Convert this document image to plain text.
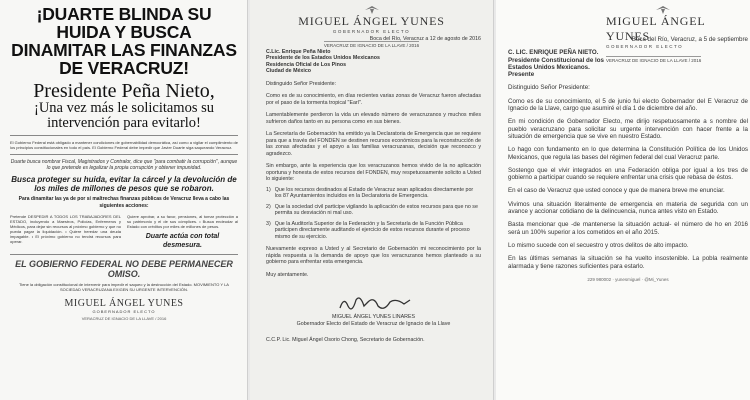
¡DUARTE BLINDA SU HUIDA Y BUSCA DINAMITAR LAS FINANZAS DE VERACRUZ!
Presidente Peña Nieto,
¡Una vez más le solicitamos su intervención para evitarlo!
El Gobierno Federal está obligado a mantener condiciones de gobernabilidad democrática, así como a vigilar el cumplimiento de los principios constitucionales en todo el país. El Gobierno Federal debe impedir que Javier Duarte siga saqueando Veracruz.
Duarte busca nombrar Fiscal, Magistrados y Contralor, dice que "para combatir la corrupción", aunque lo que pretende es legalizar la propia corrupción y obtener impunidad.
Busca proteger su huida, evitar la cárcel y la devolución de los miles de millones de pesos que se robaron.
Para dinamitar las ya de por sí maltrechas finanzas públicas de Veracruz lleva a cabo las siguientes acciones:
Pretende DESPEDIR A TODOS LOS TRABAJADORES DEL ESTADO, incluyendo a Maestros, Policías, Enfermeros y Médicos, para dejar sin recursos al próximo gobierno y que no pueda pagar la liquidación. • Quiere heredar una deuda impagable. • El próximo gobierno no tendrá recursos para operar.
Quiere aprobar, a su favor, pensiones, al tomar protección a su patrimonio y el de sus cómplices. • Busca endeudar al Estado con créditos por miles de millones de pesos.
Duarte actúa con total desmesura.
EL GOBIERNO FEDERAL NO DEBE PERMANECER OMISO.
Tiene la obligación constitucional de intervenir para impedir el saqueo y la destrucción del Estado. MOVIMIENTO Y LA SOCIEDAD VERACRUZANA EXIGEN SU URGENTE INTERVENCIÓN.
MIGUEL ÁNGEL YUNES
GOBERNADOR ELECTO
VERACRUZ DE IGNACIO DE LA LLAVE / 2016
MIGUEL ÁNGEL YUNES
GOBERNADOR ELECTO
VERACRUZ DE IGNACIO DE LA LLAVE / 2016
Boca del Río, Veracruz a 12 de agosto de 2016
C.Lic. Enrique Peña Nieto
Presidente de los Estados Unidos Mexicanos
Residencia Oficial de Los Pinos
Ciudad de México
Distinguido Señor Presidente:
Como es de su conocimiento, en días recientes varias zonas de Veracruz fueron afectadas por el paso de la tormenta tropical "Earl".
Lamentablemente perdieron la vida un elevado número de veracruzanos y muchos miles sufrieron daños tanto en su persona como en sus bienes.
La Secretaría de Gobernación ha emitido ya la Declaratoria de Emergencia que se requiere para que a través del FONDEN se destinen recursos económicos para la reconstrucción de las zonas afectadas y el apoyo a las familias veracruzanas, decisión que reconozco y agradezco.
Sin embargo, ante la experiencia que los veracruzanos hemos vivido de la no aplicación oportuna y honesta de estos recursos del FONDEN, muy respetuosamente solicito a Usted lo siguiente:
1) Que los recursos destinados al Estado de Veracruz sean aplicados directamente por los 87 Ayuntamientos incluidos en la Declaratoria de Emergencia.
2) Que la sociedad civil participe vigilando la aplicación de estos recursos para que no se permita su desviación ni mal uso.
3) Que la Auditoría Superior de la Federación y la Secretaría de la Función Pública participen directamente auditando el ejercicio de estos recursos durante el proceso mismo de su ejercicio.
Nuevamente expreso a Usted y al Secretario de Gobernación mi reconocimiento por la rápida respuesta a la demanda de apoyo que los veracruzanos hemos planteado a su gobierno para enfrentar esta emergencia.
Muy atentamente.
MIGUEL ÁNGEL YUNES LINARES
Gobernador Electo del Estado de Veracruz de Ignacio de la Llave
C.C.P. Lic. Miguel Ángel Osorio Chong, Secretario de Gobernación.
MIGUEL ÁNGEL YUNES
GOBERNADOR ELECTO
VERACRUZ DE IGNACIO DE LA LLAVE / 2016
Boca del Río, Veracruz, a 5 de septiembre
C. LIC. ENRIQUE PEÑA NIETO.
Presidente Constitucional de los
Estados Unidos Mexicanos.
Presente
Distinguido Señor Presidente:
Como es de su conocimiento, el 5 de junio fui electo Gobernador del E Veracruz de Ignacio de la Llave, cargo que asumiré el día 1 de diciembre del año.
En mi condición de Gobernador Electo, me dirijo respetuosamente a s nombre del pueblo veracruzano para solicitar su urgente intervención con hacer frente a la situación de emergencia que se vive en nuestro Estado.
Lo hago con fundamento en lo que determina la Constitución Política de los Unidos Mexicanos, que regula las bases del régimen federal del cual Veracruz parte.
Sostengo que el vivir integrados en una Federación obliga por igual a los tres de gobierno a participar cuando se requiere enfrentar una crisis que rebasa de éstos.
En el caso de Veracruz que usted conoce y que de manera breve me enunciar.
Vivimos una situación literalmente de emergencia en materia de segurida con un avance y accionar cotidiano de la delincuencia, nunca antes visto en Estado.
Basta mencionar que -de mantenerse la situación actual- el número de ho en 2016 será un 100% superior a los cometidos en el año 2015.
Lo mismo sucede con el secuestro y otros delitos de alto impacto.
En las últimas semanas la situación se ha vuelto insostenible. La pobla realmente alarmada y tiene razones suficientes para estarlo.
229 980002 · yunesmiguel · @Mi_Yunes
